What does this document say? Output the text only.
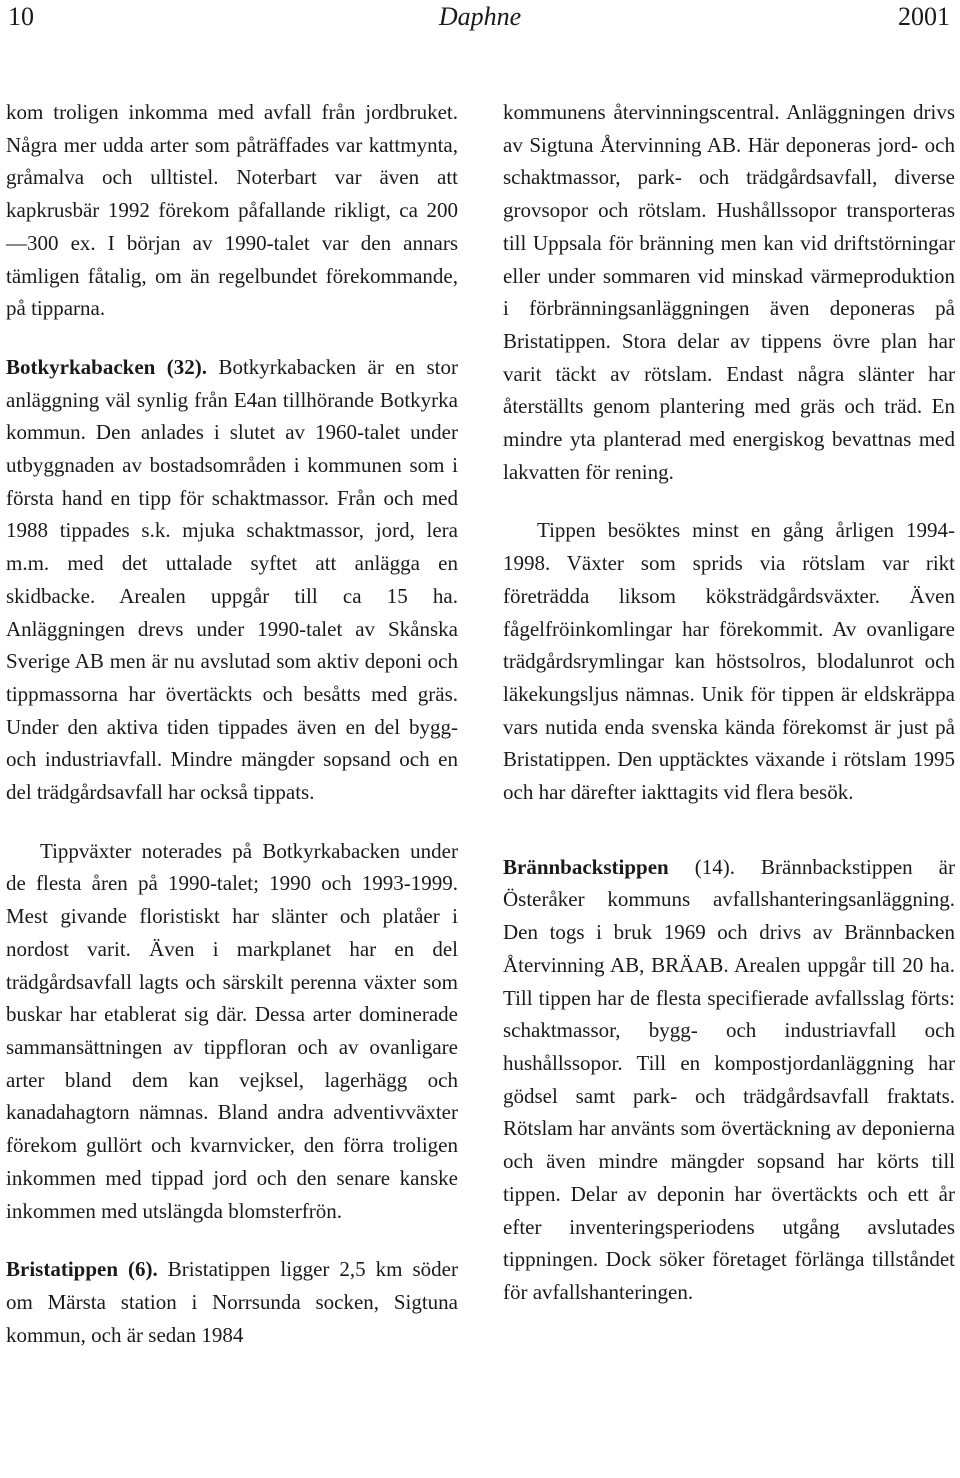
10	Daphne	2001

kom troligen inkomma med avfall från jordbruket. Några mer udda arter som påträffades var kattmynta, gråmalva och ulltistel. Noterbart var även att kapkrusbär 1992 förekom påfallande rikligt, ca 200—300 ex. I början av 1990-talet var den annars tämligen fåtalig, om än regelbundet förekommande, på tipparna.

Botkyrkabacken (32). Botkyrkabacken är en stor anläggning väl synlig från E4an tillhörande Botkyrka kommun. Den anlades i slutet av 1960-talet under utbyggnaden av bostadsområden i kommunen som i första hand en tipp för schaktmassor. Från och med 1988 tippades s.k. mjuka schaktmassor, jord, lera m.m. med det uttalade syftet att anlägga en skidbacke. Arealen uppgår till ca 15 ha. Anläggningen drevs under 1990-talet av Skånska Sverige AB men är nu avslutad som aktiv deponi och tippmassorna har övertäckts och besåtts med gräs. Under den aktiva tiden tippades även en del bygg- och industriavfall. Mindre mängder sopsand och en del trädgårdsavfall har också tippats.

Tippväxter noterades på Botkyrkabacken under de flesta åren på 1990-talet; 1990 och 1993-1999. Mest givande floristiskt har slänter och platåer i nordost varit. Även i markplanet har en del trädgårdsavfall lagts och särskilt perenna växter som buskar har etablerat sig där. Dessa arter dominerade sammansättningen av tippfloran och av ovanligare arter bland dem kan vejksel, lagerhägg och kanadahagtorn nämnas. Bland andra adventivväxter förekom gullört och kvarnvicker, den förra troligen inkommen med tippad jord och den senare kanske inkommen med utslängda blomsterfrön.

Bristatippen (6). Bristatippen ligger 2,5 km söder om Märsta station i Norrsunda socken, Sigtuna kommun, och är sedan 1984

kommunens återvinningscentral. Anläggningen drivs av Sigtuna Återvinning AB. Här deponeras jord- och schaktmassor, park- och trädgårdsavfall, diverse grovsopor och rötslam. Hushållssopor transporteras till Uppsala för bränning men kan vid driftstörningar eller under sommaren vid minskad värmeproduktion i förbränningsanläggningen även deponeras på Bristatippen. Stora delar av tippens övre plan har varit täckt av rötslam. Endast några slänter har återställts genom plantering med gräs och träd. En mindre yta planterad med energiskog bevattnas med lakvatten för rening.

Tippen besöktes minst en gång årligen 1994-1998. Växter som sprids via rötslam var rikt företrädda liksom köksträdgårdsväxter. Även fågelfröinkomlingar har förekommit. Av ovanligare trädgårdsrymlingar kan höstsolros, blodalunrot och läkekungsljus nämnas. Unik för tippen är eldskräppa vars nutida enda svenska kända förekomst är just på Bristatippen. Den upptäcktes växande i rötslam 1995 och har därefter iakttagits vid flera besök.

Brännbackstippen (14). Brännbackstippen är Österåker kommuns avfallshanteringsanläggning. Den togs i bruk 1969 och drivs av Brännbacken Återvinning AB, BRÄAB. Arealen uppgår till 20 ha. Till tippen har de flesta specifierade avfallsslag förts: schaktmassor, bygg- och industriavfall och hushållssopor. Till en kompostjordanläggning har gödsel samt park- och trädgårdsavfall fraktats. Rötslam har använts som övertäckning av deponierna och även mindre mängder sopsand har körts till tippen. Delar av deponin har övertäckts och ett år efter inventeringsperiodens utgång avslutades tippningen. Dock söker företaget förlänga tillståndet för avfallshanteringen.
